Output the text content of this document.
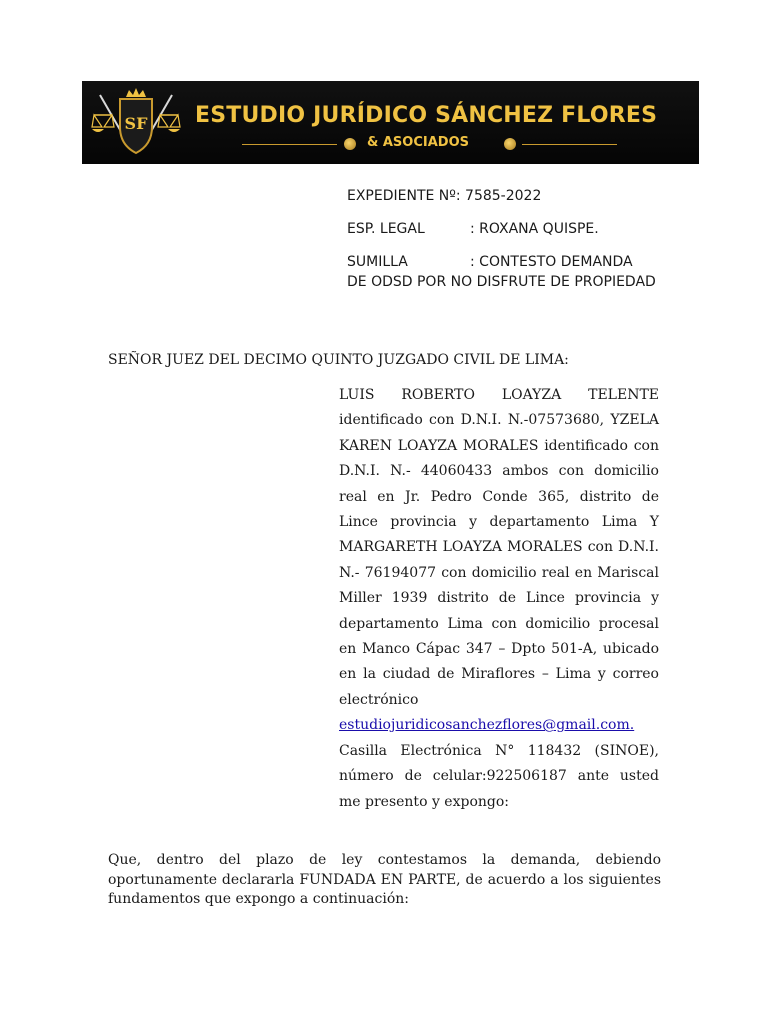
SF ESTUDIO JURÍDICO SÁNCHEZ FLORES
& ASOCIADOS
EXPEDIENTE Nº: 7585-2022
ESP. LEGAL	: ROXANA QUISPE.
SUMILLA	: CONTESTO DEMANDA
DE ODSD POR NO DISFRUTE DE PROPIEDAD
SEÑOR JUEZ DEL DECIMO QUINTO JUZGADO CIVIL DE LIMA:
LUIS ROBERTO LOAYZA TELENTE identificado con D.N.I. N.-07573680, YZELA KAREN LOAYZA MORALES identificado con D.N.I. N.- 44060433 ambos con domicilio real en Jr. Pedro Conde 365, distrito de Lince provincia y departamento Lima Y MARGARETH LOAYZA MORALES con D.N.I. N.- 76194077 con domicilio real en Mariscal Miller 1939 distrito de Lince provincia y departamento Lima con domicilio procesal en Manco Cápac 347 – Dpto 501-A, ubicado en la ciudad de Miraflores – Lima y correo electrónico estudiojuridicosanchezflores@gmail.com. Casilla Electrónica N° 118432 (SINOE), número de celular:922506187 ante usted me presento y expongo:
Que, dentro del plazo de ley contestamos la demanda, debiendo oportunamente declararla FUNDADA EN PARTE, de acuerdo a los siguientes fundamentos que expongo a continuación:
